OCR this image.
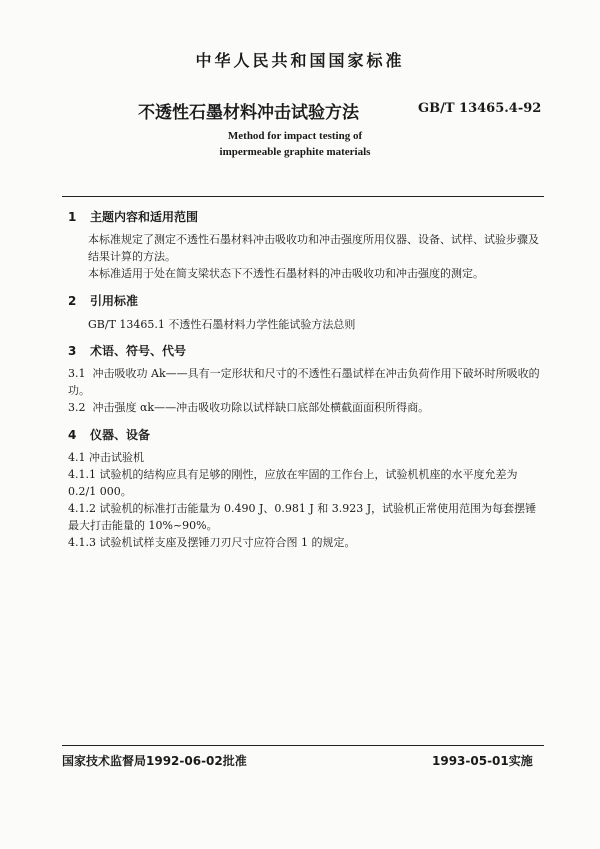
中华人民共和国国家标准
不透性石墨材料冲击试验方法	GB/T 13465.4-92
Method for impact testing of
impermeable graphite materials
1 主题内容和适用范围
本标准规定了测定不透性石墨材料冲击吸收功和冲击强度所用仪器、设备、试样、试验步骤及结果计算的方法。
本标准适用于处在简支梁状态下不透性石墨材料的冲击吸收功和冲击强度的测定。
2 引用标准
GB/T 13465.1 不透性石墨材料力学性能试验方法总则
3 术语、符号、代号
3.1 冲击吸收功 Ak——具有一定形状和尺寸的不透性石墨试样在冲击负荷作用下破坏时所吸收的功。
3.2 冲击强度 αk——冲击吸收功除以试样缺口底部处横截面面积所得商。
4 仪器、设备
4.1 冲击试验机
4.1.1 试验机的结构应具有足够的刚性，应放在牢固的工作台上，试验机机座的水平度允差为 0.2/1 000。
4.1.2 试验机的标准打击能量为 0.490 J、0.981 J 和 3.923 J，试验机正常使用范围为每套摆锤最大打击能量的 10%~90%。
4.1.3 试验机试样支座及摆锤刀刃尺寸应符合图 1 的规定。
国家技术监督局1992-06-02批准	1993-05-01实施
